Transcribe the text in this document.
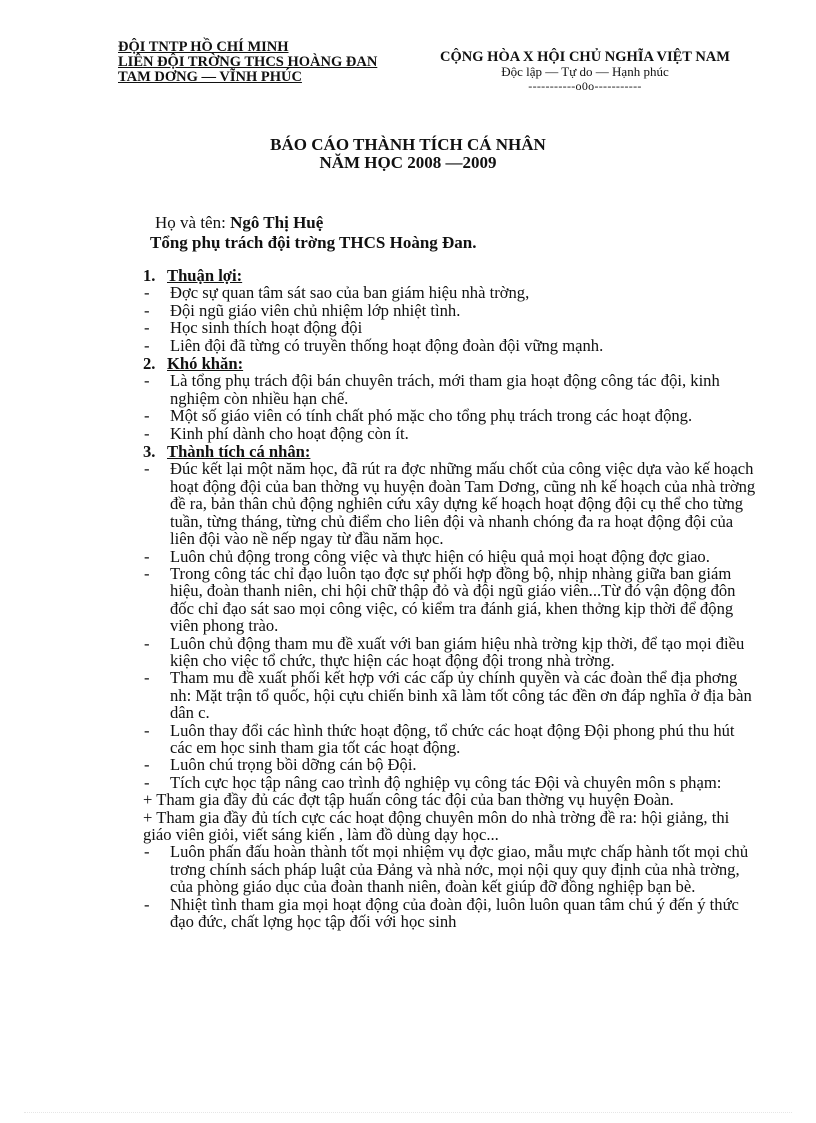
ĐỘI TNTP HỒ CHÍ MINH
LIÊN ĐỘI TRỜNG THCS HOÀNG ĐAN
TAM DƠNG — VĨNH PHÚC
CỘNG HÒA X HỘI CHỦ NGHĨA VIỆT NAM
Độc lập — Tự do — Hạnh phúc
-----------o0o-----------
BÁO CÁO THÀNH TÍCH CÁ NHÂN
NĂM HỌC 2008 —2009
Họ và tên: Ngô Thị Huệ
Tổng phụ trách đội trờng THCS Hoàng Đan.
1. Thuận lợi:
- Đợc sự quan tâm sát sao của ban giám hiệu nhà trờng,
- Đội ngũ giáo viên chủ nhiệm lớp nhiệt tình.
- Học sinh thích hoạt động đội
- Liên đội đã từng có truyền thống hoạt động đoàn đội vững mạnh.
2. Khó khăn:
- Là tổng phụ trách đội bán chuyên trách, mới tham gia hoạt động công tác đội, kinh nghiệm còn nhiều hạn chế.
- Một số giáo viên có tính chất phó mặc cho tổng phụ trách trong các hoạt động.
- Kinh phí dành cho hoạt động còn ít.
3. Thành tích cá nhân:
- Đúc kết lại một năm học, đã rút ra đợc những mấu chốt của công việc dựa vào kế hoạch hoạt động đội của ban thờng vụ huyện đoàn Tam Dơng, cũng nh kế hoạch của nhà trờng đề ra, bản thân chủ động nghiên cứu xây dựng kế hoạch hoạt động đội cụ thể cho từng tuần, từng tháng, từng chủ điểm cho liên đội và nhanh chóng đa ra hoạt động đội của liên đội vào nề nếp ngay từ đầu năm học.
- Luôn chủ động trong công việc và thực hiện có hiệu quả mọi hoạt động đợc giao.
- Trong công tác chỉ đạo luôn tạo đợc sự phối hợp đồng bộ, nhịp nhàng giữa ban giám hiệu, đoàn thanh niên, chi hội chữ thập đỏ và đội ngũ giáo viên...Từ đó vận động đôn đốc chỉ đạo sát sao mọi công việc, có kiểm tra đánh giá, khen thởng kịp thời để động viên phong trào.
- Luôn chủ động tham mu đề xuất với ban giám hiệu nhà trờng kịp thời, để tạo mọi điều kiện cho việc tổ chức, thực hiện các hoạt động đội trong nhà trờng.
- Tham mu đề xuất phối kết hợp với các cấp ủy chính quyền và các đoàn thể địa phơng nh: Mặt trận tổ quốc, hội cựu chiến binh xã làm tốt công tác đền ơn đáp nghĩa ở địa bàn dân c.
- Luôn thay đổi các hình thức hoạt động, tổ chức các hoạt động Đội phong phú thu hút các em học sinh tham gia tốt các hoạt động.
- Luôn chú trọng bồi dỡng cán bộ Đội.
- Tích cực học tập nâng cao trình độ nghiệp vụ công tác Đội và chuyên môn s phạm:
+ Tham gia đầy đủ các đợt tập huấn công tác đội của ban thờng vụ huyện Đoàn.
+ Tham gia đầy đủ tích cực các hoạt động chuyên môn do nhà trờng đề ra: hội giảng, thi giáo viên giỏi, viết sáng kiến , làm đồ dùng dạy học...
- Luôn phấn đấu hoàn thành tốt mọi nhiệm vụ đợc giao, mẫu mực chấp hành tốt mọi chủ trơng chính sách pháp luật của Đảng và nhà nớc, mọi nội quy quy định của nhà trờng, của phòng giáo dục của đoàn thanh niên, đoàn kết giúp đỡ đồng nghiệp bạn bè.
- Nhiệt tình tham gia mọi hoạt động của đoàn đội, luôn luôn quan tâm chú ý đến ý thức đạo đức, chất lợng học tập đối với học sinh
